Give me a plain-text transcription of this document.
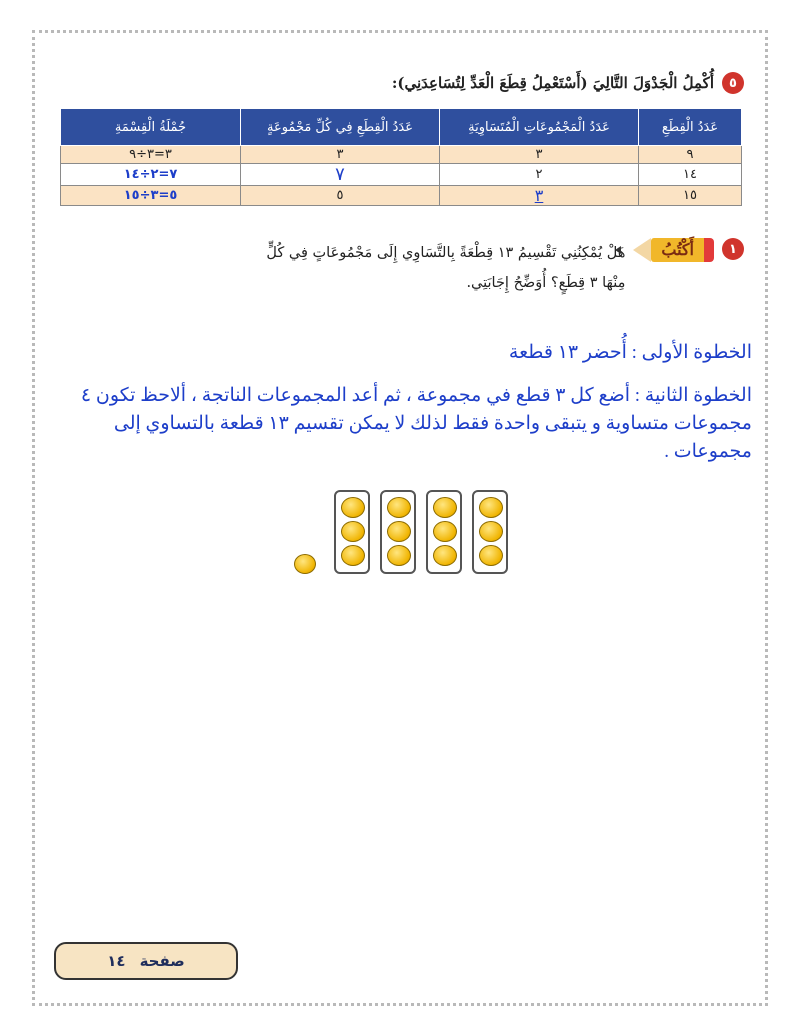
٥
أُكْمِلُ الْجَدْوَلَ التَّالِيَ (أَسْتَعْمِلُ قِطَعَ الْعَدِّ لِتُسَاعِدَنِي):
عَدَدُ الْقِطَعِ	عَدَدُ الْمَجْمُوعَاتِ الْمُتَسَاوِيَةِ	عَدَدُ الْقِطَعِ فِي كُلِّ مَجْمُوعَةٍ	جُمْلَةُ الْقِسْمَةِ
٩	٣	٣	٣=٣÷٩
١٤	٢	٧	٧=٢÷١٤
١٥	٣	٥	٥=٣÷١٥
١
أَكْتُبُ
هَلْ يُمْكِنُنِي تَقْسِيمُ ١٣ قِطْعَةً بِالتَّسَاوِي إِلَى مَجْمُوعَاتٍ فِي كُلٍّ
مِنْهَا ٣ قِطَعٍ؟ أُوَضِّحُ إِجَابَتِي.
الخطوة الأولى : أُحضر ١٣ قطعة
الخطوة الثانية : أضع كل ٣ قطع في مجموعة ، ثم أعد المجموعات الناتجة ، ألاحظ تكون ٤ مجموعات متساوية و يتبقى واحدة فقط لذلك لا يمكن تقسيم ١٣ قطعة بالتساوي إلى مجموعات .
صفحة
١٤
